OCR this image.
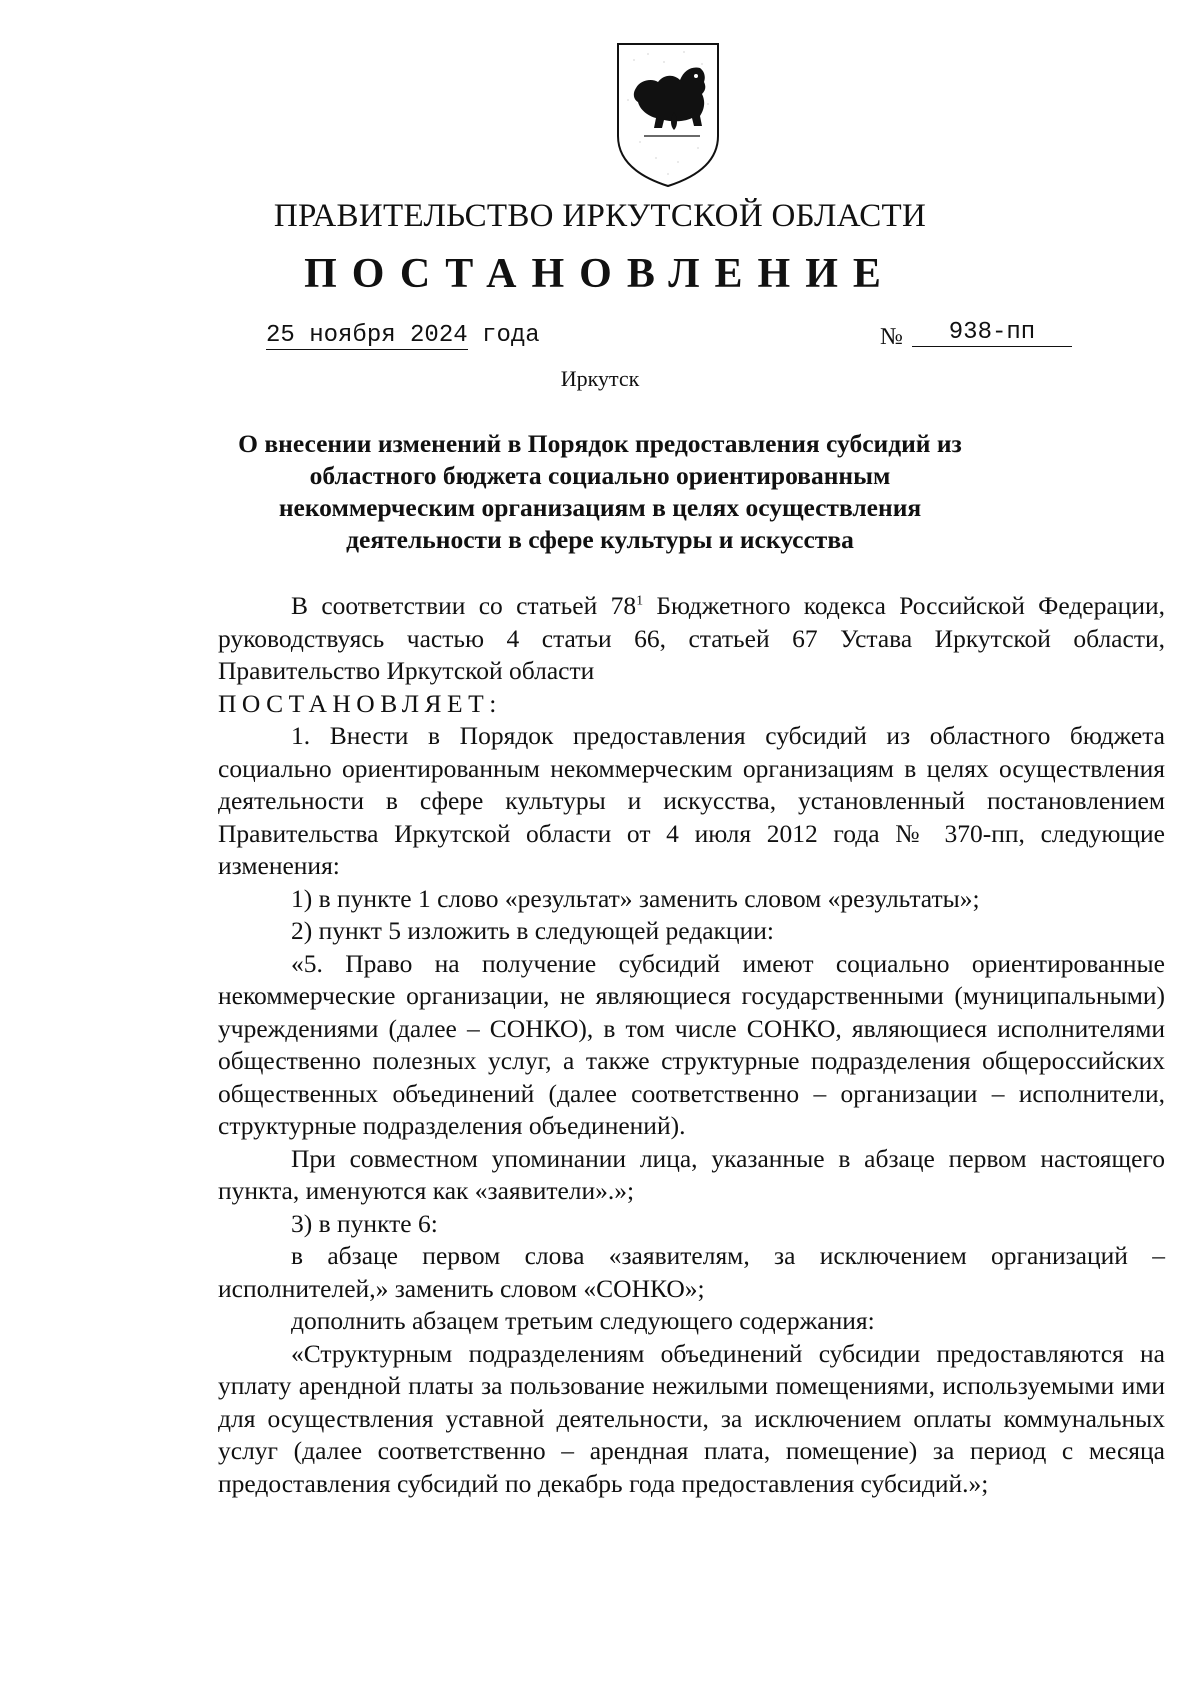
ПРАВИТЕЛЬСТВО ИРКУТСКОЙ ОБЛАСТИ
ПОСТАНОВЛЕНИЕ
25 ноября 2024 года	№	938-пп
Иркутск
О внесении изменений в Порядок предоставления субсидий из областного бюджета социально ориентированным некоммерческим организациям в целях осуществления деятельности в сфере культуры и искусства

В соответствии со статьей $78^1$ Бюджетного кодекса Российской Федерации, руководствуясь частью 4 статьи 66, статьей 67 Устава Иркутской области, Правительство Иркутской области

ПОСТАНОВЛЯЕТ:

1. Внести в Порядок предоставления субсидий из областного бюджета социально ориентированным некоммерческим организациям в целях осуществления деятельности в сфере культуры и искусства, установленный постановлением Правительства Иркутской области от 4 июля 2012 года № 370-пп, следующие изменения:

1) в пункте 1 слово «результат» заменить словом «результаты»;

2) пункт 5 изложить в следующей редакции:

«5. Право на получение субсидий имеют социально ориентированные некоммерческие организации, не являющиеся государственными (муниципальными) учреждениями (далее – СОНКО), в том числе СОНКО, являющиеся исполнителями общественно полезных услуг, а также структурные подразделения общероссийских общественных объединений (далее соответственно – организации – исполнители, структурные подразделения объединений).

При совместном упоминании лица, указанные в абзаце первом настоящего пункта, именуются как «заявители».»;

3) в пункте 6:

в абзаце первом слова «заявителям, за исключением организаций – исполнителей,» заменить словом «СОНКО»;

дополнить абзацем третьим следующего содержания:

«Структурным подразделениям объединений субсидии предоставляются на уплату арендной платы за пользование нежилыми помещениями, используемыми ими для осуществления уставной деятельности, за исключением оплаты коммунальных услуг (далее соответственно – арендная плата, помещение) за период с месяца предоставления субсидий по декабрь года предоставления субсидий.»;
